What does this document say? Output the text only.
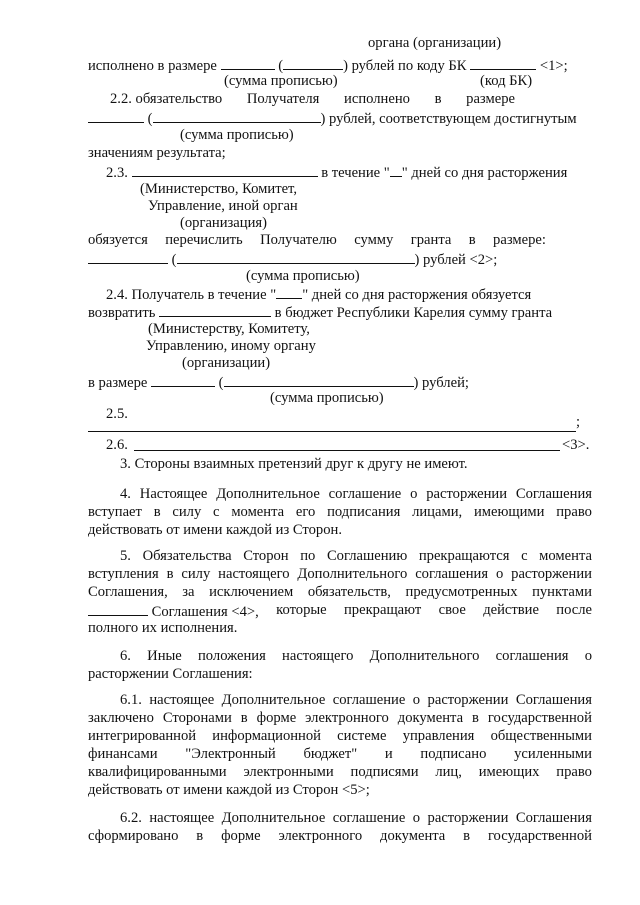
органа (организации)
исполнено в размере	(	) рублей по коду БК	<1>;
(сумма прописью)	(код БК)
2.2. обязательство Получателя исполнено в размере
(	) рублей, соответствующем достигнутым
(сумма прописью)
значениям результата;
2.3.	в течение " " дней со дня расторжения
(Министерство, Комитет,
Управление, иной орган
(организация)
обязуется перечислить Получателю сумму гранта в размере:
(	) рублей <2>;
(сумма прописью)
2.4. Получатель в течение " " дней со дня расторжения обязуется
возвратить	в бюджет Республики Карелия сумму гранта
(Министерству, Комитету,
Управлению, иному органу
(организации)
в размере	(	) рублей;
(сумма прописью)
2.5.	;
2.6.	<3>.
3. Стороны взаимных претензий друг к другу не имеют.
4. Настоящее Дополнительное соглашение о расторжении Соглашения
вступает в силу с момента его подписания лицами, имеющими право
действовать от имени каждой из Сторон.
5. Обязательства Сторон по Соглашению прекращаются с момента
вступления в силу настоящего Дополнительного соглашения о расторжении
Соглашения, за исключением обязательств, предусмотренных пунктами
Соглашения <4>, которые прекращают свое действие после
полного их исполнения.
6. Иные положения настоящего Дополнительного соглашения о
расторжении Соглашения:
6.1. настоящее Дополнительное соглашение о расторжении Соглашения
заключено Сторонами в форме электронного документа в государственной
интегрированной информационной системе управления общественными
финансами "Электронный бюджет" и подписано усиленными
квалифицированными электронными подписями лиц, имеющих право
действовать от имени каждой из Сторон <5>;
6.2. настоящее Дополнительное соглашение о расторжении Соглашения
сформировано в форме электронного документа в государственной
